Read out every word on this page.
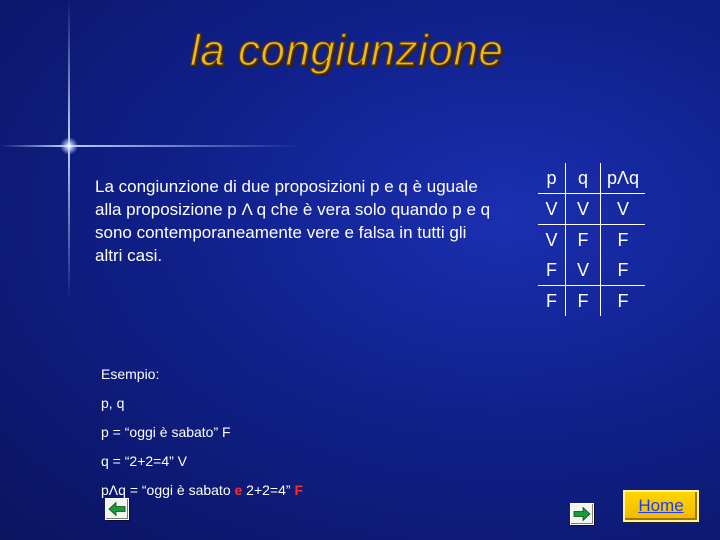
la congiunzione
La congiunzione di due proposizioni p e q è uguale alla proposizione p Λ q che è vera solo quando p e q sono contemporaneamente vere e falsa in tutti gli altri casi.
p	q	pΛq
V	V	V
V	F	F
F	V	F
F	F	F
Esempio:
p, q
p = “oggi è sabato” F
q = “2+2=4” V
pΛq = “oggi è sabato e 2+2=4” F
Home
